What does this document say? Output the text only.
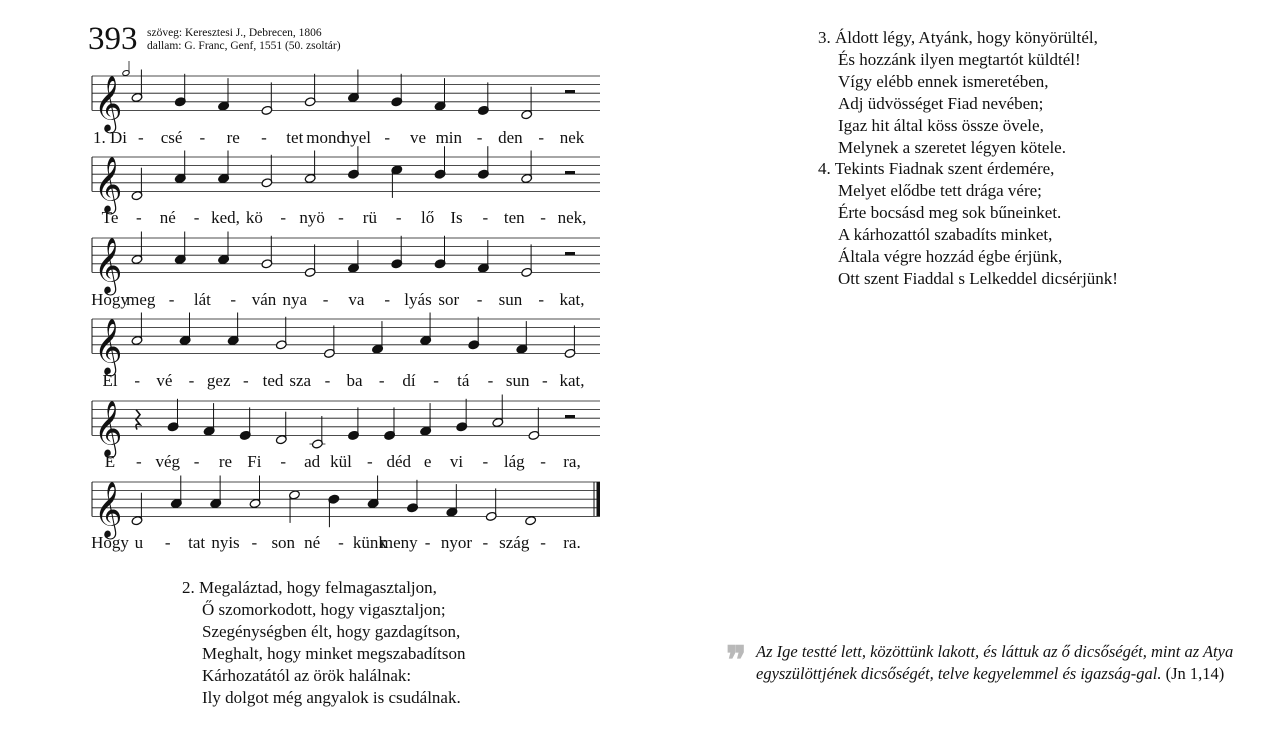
393 szöveg: Keresztesi J., Debrecen, 1806
dallam: G. Franc, Genf, 1551 (50. zsoltár)
𝄞
𝄞
𝄞
𝄞
𝄞
𝄞
1. Di - csé - re - tet mond
nyel - ve min - den - nek
Te - né - ked, kö - nyö - rü - lő Is - ten - nek,
Hogy
meg - lát - ván nya - va - lyás sor - sun - kat,
El - vé - gez - ted sza - ba - dí - tá - sun - kat,
E - vég - re Fi - ad kül - déd e vi - lág - ra,
Hogy u - tat nyis - son né - künk
meny - nyor - szág - ra.
2. Megaláztad, hogy felmagasztaljon,
Ő szomorkodott, hogy vigasztaljon;
Szegénységben élt, hogy gazdagítson,
Meghalt, hogy minket megszabadítson
Kárhozatától az örök halálnak:
Ily dolgot még angyalok is csudálnak.
3. Áldott légy, Atyánk, hogy könyörültél,
És hozzánk ilyen megtartót küldtél!
Vígy elébb ennek ismeretében,
Adj üdvösséget Fiad nevében;
Igaz hit által köss össze övele,
Melynek a szeretet légyen kötele.
4. Tekints Fiadnak szent érdemére,
Melyet elődbe tett drága vére;
Érte bocsásd meg sok bűneinket.
A kárhozattól szabadíts minket,
Általa végre hozzád égbe érjünk,
Ott szent Fiaddal s Lelkeddel dicsérjünk!
❞ Az Ige testté lett, közöttünk lakott, és láttuk az ő dicsőségét, mint az Atya egyszülöttjének dicsőségét, telve kegyelemmel és igazság-gal. (Jn 1,14)
